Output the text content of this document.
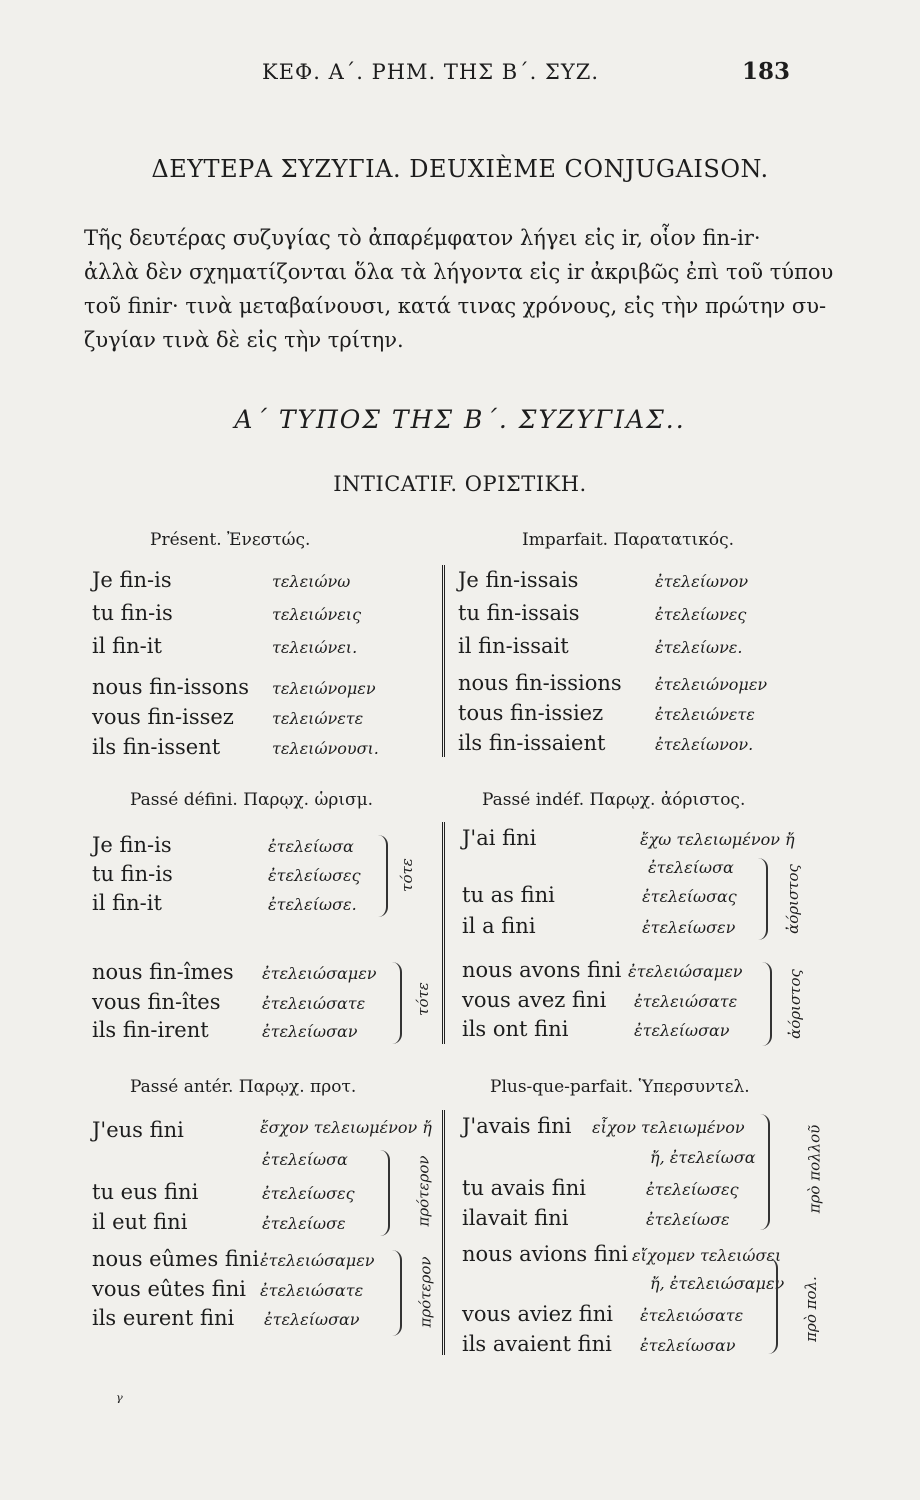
ΚΕΦ. Α΄. ΡΗΜ. ΤΗΣ Β΄. ΣΥΖ.	183
ΔΕΥΤΕΡΑ ΣΥΖΥΓΙΑ. DEUXIÈME CONJUGAISON.
Τῆς δευτέρας συζυγίας τὸ ἀπαρέμφατον λήγει εἰς ir, οἷον fin-ir·
ἀλλὰ δὲν σχηματίζονται ὅλα τὰ λήγοντα εἰς ir ἀκριβῶς ἐπὶ τοῦ τύπου
τοῦ finir· τινὰ μεταβαίνουσι, κατά τινας χρόνους, εἰς τὴν πρώτην συ-
ζυγίαν τινὰ δὲ εἰς τὴν τρίτην.
Α΄ ΤΥΠΟΣ ΤΗΣ Β΄. ΣΥΖΥΓΙΑΣ..
INTICATIF. ΟΡΙΣΤΙΚΗ.
Présent. Ἐνεστώς.
Je fin-is	τελειώνω
tu fin-is	τελειώνεις
il fin-it	τελειώνει.
nous fin-issons τελειώνομεν
vous fin-issez τελειώνετε
ils fin-issent	τελειώνουσι.
Imparfait. Παρατατικός.
Je fin-issais	ἐτελείωνον
tu fin-issais	ἐτελείωνες
il fin-issait	ἐτελείωνε.
nous fin-issions ἐτελειώνομεν
tous fin-issiez	ἐτελειώνετε
ils fin-issaient	ἐτελείωνον.
Passé défini. Παρῳχ. ὡρισμ.
Je fin-is	ἐτελείωσα
tu fin-is	ἐτελείωσες
il fin-it	ἐτελείωσε.
τότε
nous fin-îmes ἐτελειώσαμεν
vous fin-îtes	ἐτελειώσατε
ils fin-irent	ἐτελείωσαν
τότε
Passé indéf. Παρῳχ. ἀόριστος.
J'ai fini	ἔχω τελειωμένον ἤ
ἐτελείωσα
tu as fini	ἐτελείωσας
il a fini	ἐτελείωσεν	ἀόριστος
nous avons fini ἐτελειώσαμεν
vous avez fini ἐτελειώσατε
ils ont fini	ἐτελείωσαν	ἀόριστος
Passé antér. Παρῳχ. προτ.
J'eus fini	ἔσχον τελειωμένον ἤ
ἐτελείωσα
tu eus fini	ἐτελείωσες
il eut fini	ἐτελείωσε	πρότερον
nous eûmes fini ἐτελειώσαμεν
vous eûtes fini ἐτελειώσατε
ils eurent fini ἐτελείωσαν	πρότερον
Plus-que-parfait. Ὑπερσυντελ.
J'avais fini εἶχον τελειωμένον
ἤ, ἐτελείωσα
tu avais fini	ἐτελείωσες
ilavait fini	ἐτελείωσε
πρὸ πολλοῦ
nous avions fini εἴχομεν τελειώσει
ἤ, ἐτελειώσαμεν
vous aviez fini ἐτελειώσατε
ils avaient fini ἐτελείωσαν
πρὸ πολ.
ᵧ
